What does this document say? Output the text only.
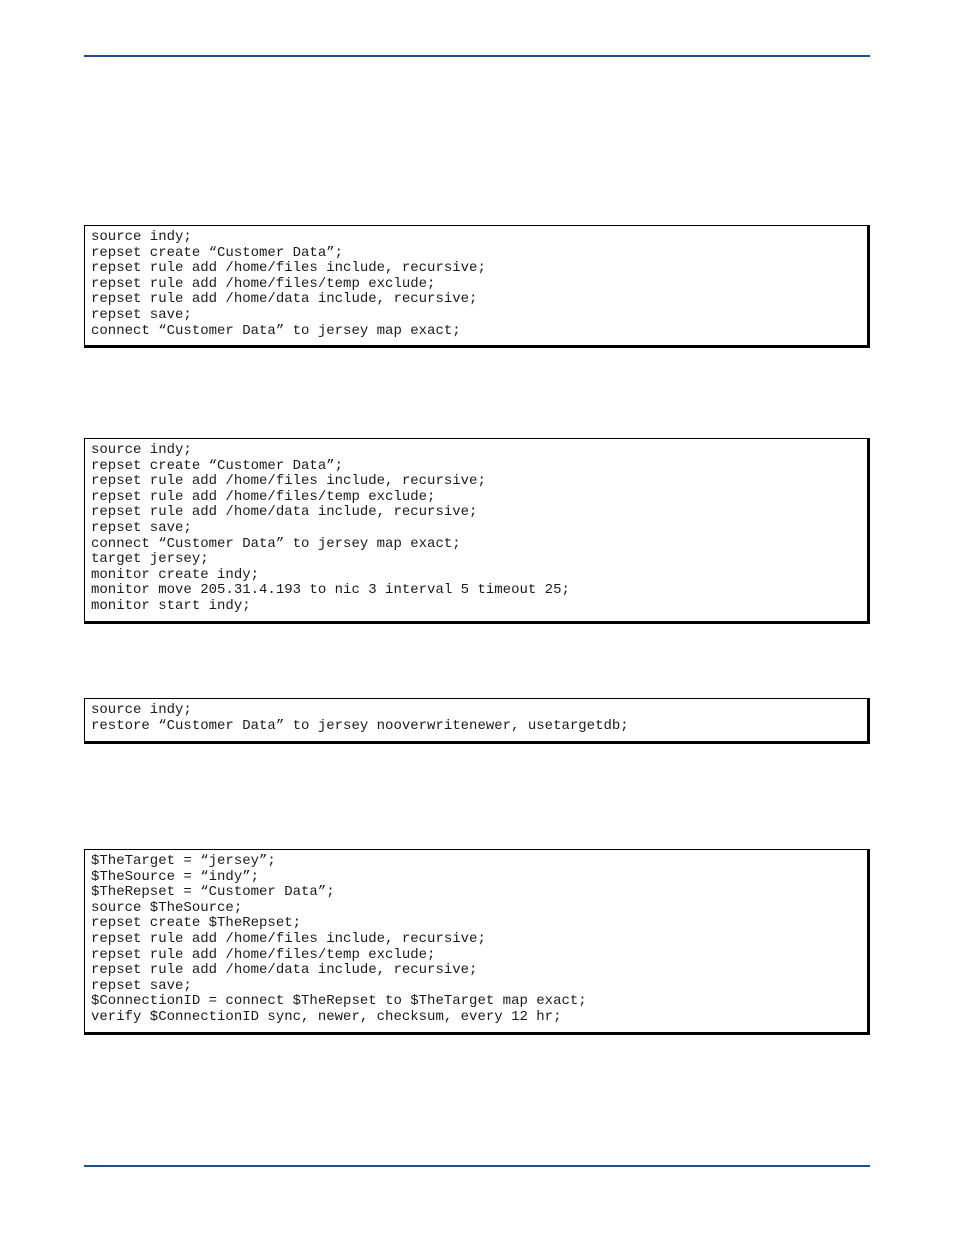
source indy;
repset create “Customer Data”;
repset rule add /home/files include, recursive;
repset rule add /home/files/temp exclude;
repset rule add /home/data include, recursive;
repset save;
connect “Customer Data” to jersey map exact;
source indy;
repset create “Customer Data”;
repset rule add /home/files include, recursive;
repset rule add /home/files/temp exclude;
repset rule add /home/data include, recursive;
repset save;
connect “Customer Data” to jersey map exact;
target jersey;
monitor create indy;
monitor move 205.31.4.193 to nic 3 interval 5 timeout 25;
monitor start indy;
source indy;
restore “Customer Data” to jersey nooverwritenewer, usetargetdb;
$TheTarget = “jersey”;
$TheSource = “indy”;
$TheRepset = “Customer Data”;
source $TheSource;
repset create $TheRepset;
repset rule add /home/files include, recursive;
repset rule add /home/files/temp exclude;
repset rule add /home/data include, recursive;
repset save;
$ConnectionID = connect $TheRepset to $TheTarget map exact;
verify $ConnectionID sync, newer, checksum, every 12 hr;
